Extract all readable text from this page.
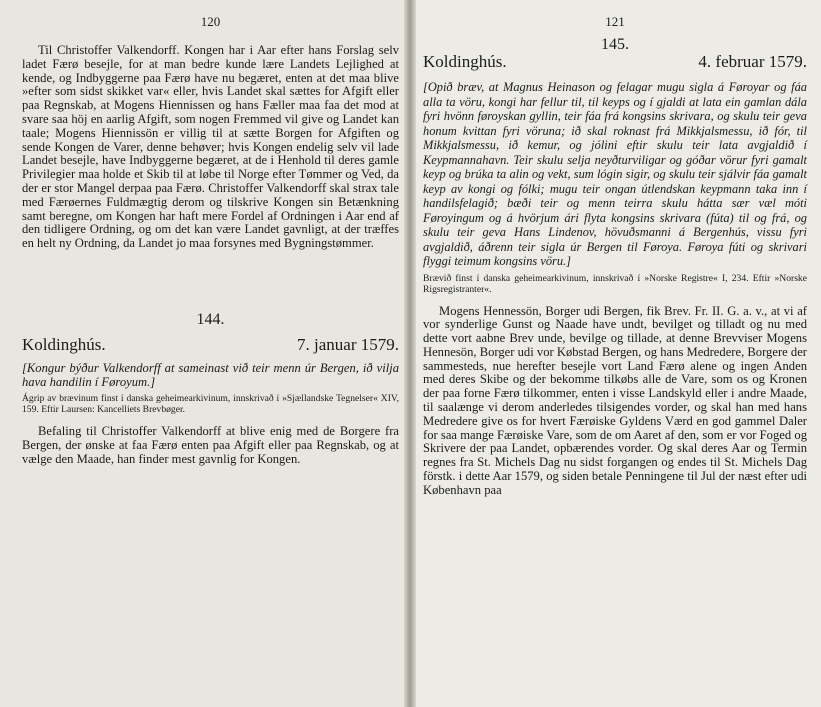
120

Til Christoffer Valkendorff. Kongen har i Aar efter hans Forslag selv ladet Færø besejle, for at man bedre kunde lære Landets Lejlighed at kende, og Indbyggerne paa Færø have nu begæret, enten at det maa blive »efter som sidst skikket var« eller, hvis Landet skal sættes for Afgift eller paa Regnskab, at Mogens Hiennissen og hans Fæller maa faa det mod at svare saa höj en aarlig Afgift, som nogen Fremmed vil give og Landet kan taale; Mogens Hiennissön er villig til at sætte Borgen for Afgiften og sende Kongen de Varer, denne behøver; hvis Kongen endelig selv vil lade Landet besejle, have Indbyggerne begæret, at de i Henhold til deres gamle Privilegier maa holde et Skib til at løbe til Norge efter Tømmer og Ved, da der er stor Mangel derpaa paa Færø. Christoffer Valkendorff skal strax tale med Færøernes Fuldmægtig derom og tilskrive Kongen sin Betænkning samt beregne, om Kongen har haft mere Fordel af Ordningen i Aar end af den tidligere Ordning, og om det kan være Landet gavnligt, at der træffes en helt ny Ordning, da Landet jo maa forsynes med Bygningstømmer.

144.
Koldinghús.	7. januar 1579.
[Kongur býður Valkendorff at sameinast við teir menn úr Bergen, ið vilja hava handilin í Føroyum.]
Ágrip av brævinum finst í danska geheimearkivinum, innskrivað í »Sjællandske Tegnelser« XIV, 159. Eftir Laursen: Kancelliets Brevbøger.

Befaling til Christoffer Valkendorff at blive enig med de Borgere fra Bergen, der ønske at faa Færø enten paa Afgift eller paa Regnskab, og at vælge den Maade, han finder mest gavnlig for Kongen.

121
145.
Koldinghús.	4. februar 1579.
[Opið bræv, at Magnus Heinason og felagar mugu sigla á Føroyar og fáa alla ta vöru, kongi har fellur til, til keyps og í gjaldi at lata ein gamlan dála fyri hvönn føroyskan gyllin, teir fáa frá kongsins skrivara, og skulu teir geva honum kvittan fyri vöruna; ið skal roknast frá Mikkjalsmessu, ið fór, til Mikkjalsmessu, ið kemur, og jólini eftir skulu teir lata avgjaldið í Keypmannahavn. Teir skulu selja neyðturviligar og góðar vörur fyri gamalt keyp og brúka ta alin og vekt, sum lógin sigir, og skulu teir sjálvir fáa gamalt keyp av kongi og fólki; mugu teir ongan útlendskan keypmann taka inn í handilsfelagið; bæði teir og menn teirra skulu hátta sær væl móti Føroyingum og á hvörjum ári flyta kongsins skrivara (fúta) til og frá, og skulu teir geva Hans Lindenov, hövuðsmanni á Bergenhús, vissu fyri avgjaldið, áðrenn teir sigla úr Bergen til Føroya. Føroya fúti og skrivari flyggi teimum kongsins vöru.]
Brævið finst í danska geheimearkivinum, innskrivað í »Norske Registre« I, 234. Eftir »Norske Rigsregistranter«.

Mogens Hennessön, Borger udi Bergen, fik Brev. Fr. II. G. a. v., at vi af vor synderlige Gunst og Naade have undt, bevilget og tilladt og nu med dette vort aabne Brev unde, bevilge og tillade, at denne Brevviser Mogens Hennesön, Borger udi vor Købstad Bergen, og hans Medredere, Borgere der sammesteds, nue herefter besejle vort Land Færø alene og ingen Anden med deres Skibe og der bekomme tilkøbs alle de Vare, som os og Kronen der paa forne Færø tilkommer, enten i visse Landskyld eller i andre Maade, til saalænge vi derom anderledes tilsigendes vorder, og skal han med hans Medredere give os for hvert Færøiske Gyldens Værd en god gammel Daler for saa mange Færøiske Vare, som de om Aaret af den, som er vor Foged og Skrivere der paa Landet, opbærendes vorder. Og skal deres Aar og Termin regnes fra St. Michels Dag nu sidst forgangen og endes til St. Michels Dag förstk. i dette Aar 1579, og siden betale Penningene til Jul der næst efter udi København paa
